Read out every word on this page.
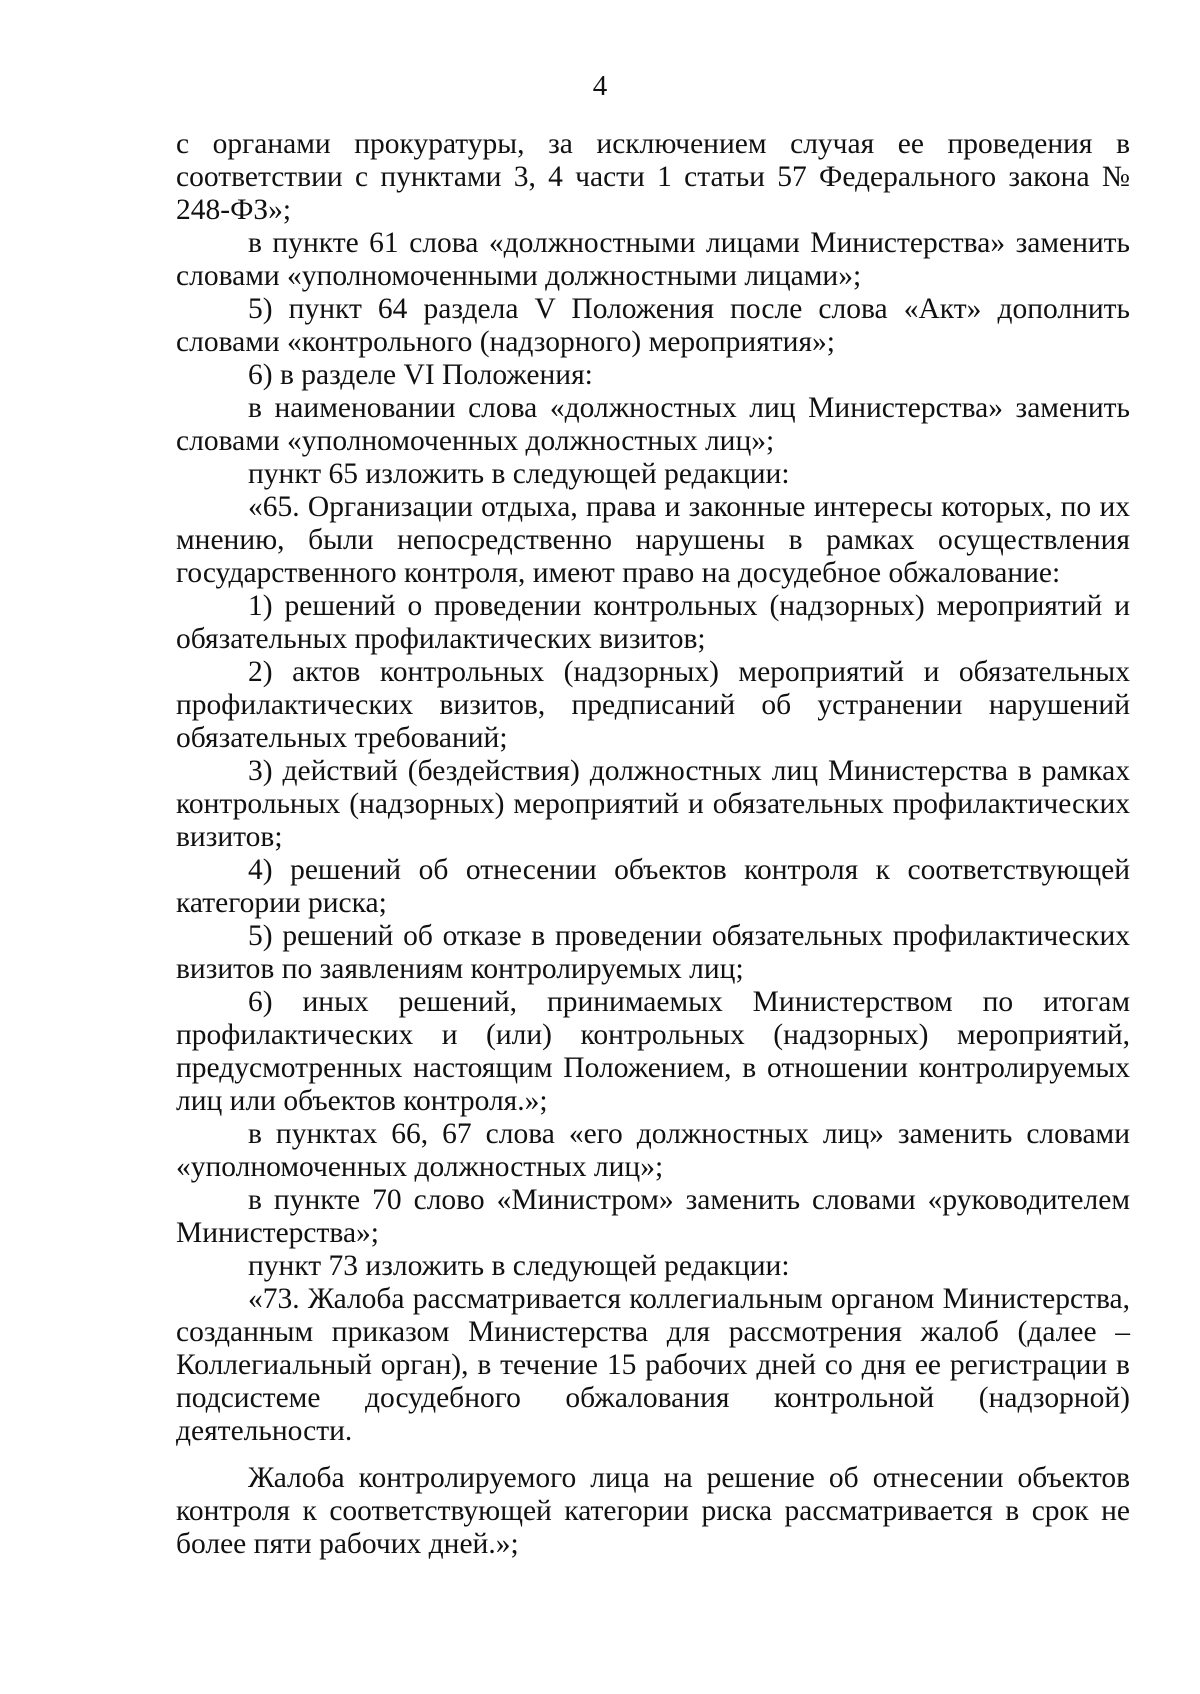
4

с органами прокуратуры, за исключением случая ее проведения в соответствии с пунктами 3, 4 части 1 статьи 57 Федерального закона № 248-ФЗ»;

в пункте 61 слова «должностными лицами Министерства» заменить словами «уполномоченными должностными лицами»;

5) пункт 64 раздела V Положения после слова «Акт» дополнить словами «контрольного (надзорного) мероприятия»;

6) в разделе VI Положения:

в наименовании слова «должностных лиц Министерства» заменить словами «уполномоченных должностных лиц»;

пункт 65 изложить в следующей редакции:

«65. Организации отдыха, права и законные интересы которых, по их мнению, были непосредственно нарушены в рамках осуществления государственного контроля, имеют право на досудебное обжалование:

1) решений о проведении контрольных (надзорных) мероприятий и обязательных профилактических визитов;

2) актов контрольных (надзорных) мероприятий и обязательных профилактических визитов, предписаний об устранении нарушений обязательных требований;

3) действий (бездействия) должностных лиц Министерства в рамках контрольных (надзорных) мероприятий и обязательных профилактических визитов;

4) решений об отнесении объектов контроля к соответствующей категории риска;

5) решений об отказе в проведении обязательных профилактических визитов по заявлениям контролируемых лиц;

6) иных решений, принимаемых Министерством по итогам профилактических и (или) контрольных (надзорных) мероприятий, предусмотренных настоящим Положением, в отношении контролируемых лиц или объектов контроля.»;

в пунктах 66, 67 слова «его должностных лиц» заменить словами «уполномоченных должностных лиц»;

в пункте 70 слово «Министром» заменить словами «руководителем Министерства»;

пункт 73 изложить в следующей редакции:

«73. Жалоба рассматривается коллегиальным органом Министерства, созданным приказом Министерства для рассмотрения жалоб (далее – Коллегиальный орган), в течение 15 рабочих дней со дня ее регистрации в подсистеме досудебного обжалования контрольной (надзорной) деятельности.

Жалоба контролируемого лица на решение об отнесении объектов контроля к соответствующей категории риска рассматривается в срок не более пяти рабочих дней.»;
